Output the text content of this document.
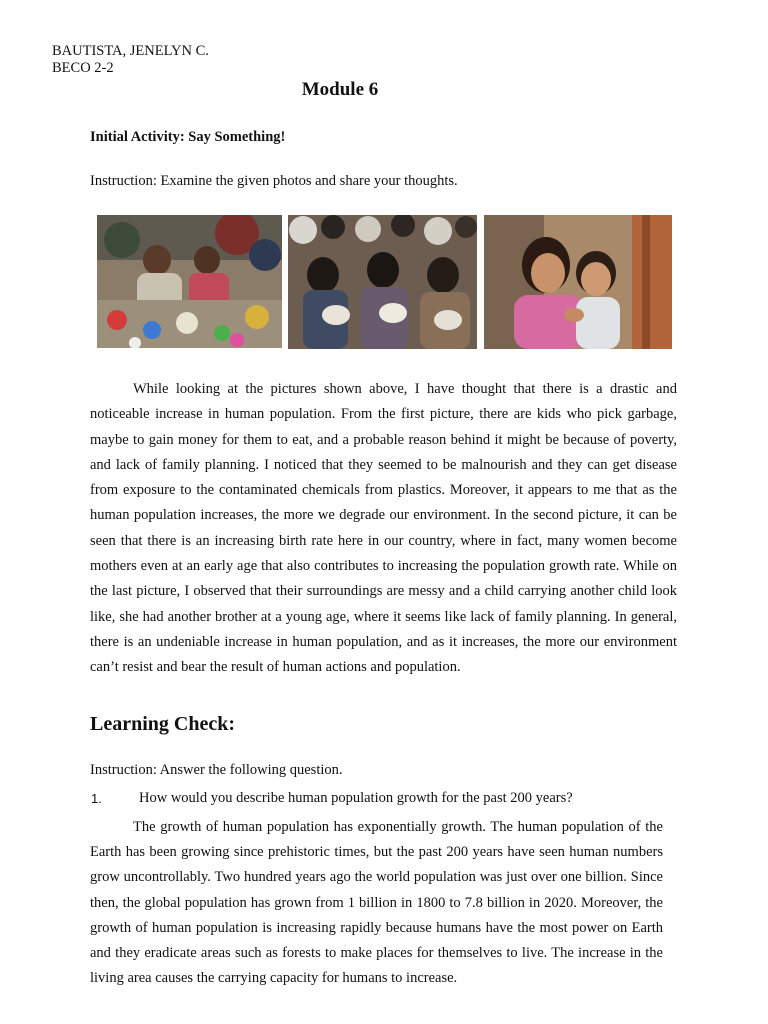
BAUTISTA, JENELYN C.
BECO 2-2
Module 6
Initial Activity: Say Something!
Instruction: Examine the given photos and share your thoughts.
While looking at the pictures shown above, I have thought that there is a drastic and noticeable increase in human population. From the first picture, there are kids who pick garbage, maybe to gain money for them to eat, and a probable reason behind it might be because of poverty, and lack of family planning. I noticed that they seemed to be malnourish and they can get disease from exposure to the contaminated chemicals from plastics. Moreover, it appears to me that as the human population increases, the more we degrade our environment. In the second picture, it can be seen that there is an increasing birth rate here in our country, where in fact, many women become mothers even at an early age that also contributes to increasing the population growth rate. While on the last picture, I observed that their surroundings are messy and a child carrying another child look like, she had another brother at a young age, where it seems like lack of family planning. In general, there is an undeniable increase in human population, and as it increases, the more our environment can’t resist and bear the result of human actions and population.
Learning Check:
Instruction: Answer the following question.
1.	How would you describe human population growth for the past 200 years?
The growth of human population has exponentially growth. The human population of the Earth has been growing since prehistoric times, but the past 200 years have seen human numbers grow uncontrollably. Two hundred years ago the world population was just over one billion. Since then, the global population has grown from 1 billion in 1800 to 7.8 billion in 2020. Moreover, the growth of human population is increasing rapidly because humans have the most power on Earth and they eradicate areas such as forests to make places for themselves to live. The increase in the living area causes the carrying capacity for humans to increase.
